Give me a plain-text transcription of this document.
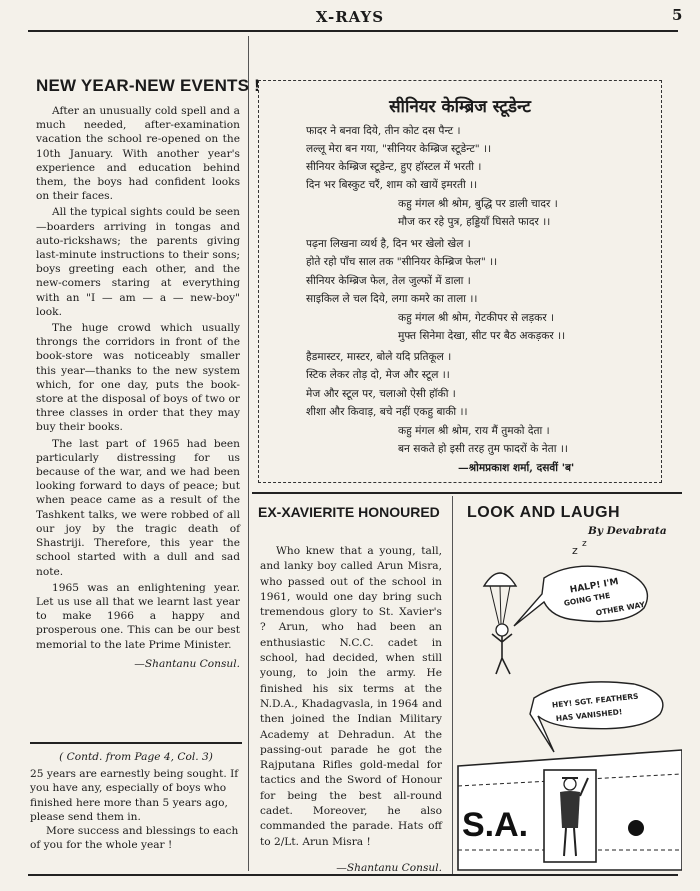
X-RAYS	5
NEW YEAR-NEW EVENTS !

After an unusually cold spell and a much needed, after-examination vacation the school re-opened on the 10th January. With another year's experience and education behind them, the boys had confident looks on their faces.

All the typical sights could be seen—boarders arriving in tongas and auto-rickshaws; the parents giving last-minute instructions to their sons; boys greeting each other, and the new-comers staring at everything with an "I — am — a — new-boy" look.

The huge crowd which usually throngs the corridors in front of the book-store was noticeably smaller this year—thanks to the new system which, for one day, puts the book-store at the disposal of boys of two or three classes in order that they may buy their books.

The last part of 1965 had been particularly distressing for us because of the war, and we had been looking forward to days of peace; but when peace came as a result of the Tashkent talks, we were robbed of all our joy by the tragic death of Shastriji. Therefore, this year the school started with a dull and sad note.

1965 was an enlightening year. Let us use all that we learnt last year to make 1966 a happy and prosperous one. This can be our best memorial to the late Prime Minister.

—Shantanu Consul.

( Contd. from Page 4, Col. 3)

25 years are earnestly being sought. If you have any, especially of boys who finished here more than 5 years ago, please send them in.

More success and blessings to each of you for the whole year !

सीनियर केम्ब्रिज स्टूडेन्ट
फादर ने बनवा दिये, तीन कोट दस पैन्ट ।
लल्लू मेरा बन गया, "सीनियर केम्ब्रिज स्टूडेन्ट" ।।
सीनियर केम्ब्रिज स्टूडेन्ट, हुए हॉस्टल में भरती ।
दिन भर बिस्कुट चरैं, शाम को खायें इमरती ।।
कहु मंगल श्री श्रोम, बुद्धि पर डाली चादर ।
मौज कर रहे पुत्र, हड्डियाँ घिसते फादर ।।
पढ़ना लिखना व्यर्थ है, दिन भर खेलो खेल ।
होते रहो पाँच साल तक "सीनियर केम्ब्रिज फेल" ।।
सीनियर केम्ब्रिज फेल, तेल जुल्फों में डाला ।
साइकिल ले चल दिये, लगा कमरे का ताला ।।
कहु मंगल श्री श्रोम, गेटकीपर से लड़कर ।
मुफ्त सिनेमा देखा, सीट पर बैठ अकड़कर ।।
हैडमास्टर, मास्टर, बोले यदि प्रतिकूल ।
स्टिक लेकर तोड़ दो, मेज और स्टूल ।।
मेज और स्टूल पर, चलाओ ऐसी हॉकी ।
शीशा और किवाड़, बचे नहीं एकहु बाकी ।।
कहु मंगल श्री श्रोम, राय मैं तुमको देता ।
बन सकते हो इसी तरह तुम फादरों के नेता ।।
—श्रोमप्रकाश शर्मा, दसवीं 'ब'
EX-XAVIERITE HONOURED

Who knew that a young, tall, and lanky boy called Arun Misra, who passed out of the school in 1961, would one day bring such tremendous glory to St. Xavier's ? Arun, who had been an enthusiastic N.C.C. cadet in school, had decided, when still young, to join the army. He finished his six terms at the N.D.A., Khadagvasla, in 1964 and then joined the Indian Military Academy at Dehradun. At the passing-out parade he got the Rajputana Rifles gold-medal for tactics and the Sword of Honour for being the best all-round cadet. Moreover, he also commanded the parade. Hats off to 2/Lt. Arun Misra !

—Shantanu Consul.

LOOK AND LAUGH
By Devabrata
z z
HALP! I'M
GOING THE
OTHER WAY
HEY! SGT. FEATHERS
HAS VANISHED!
S.A.
